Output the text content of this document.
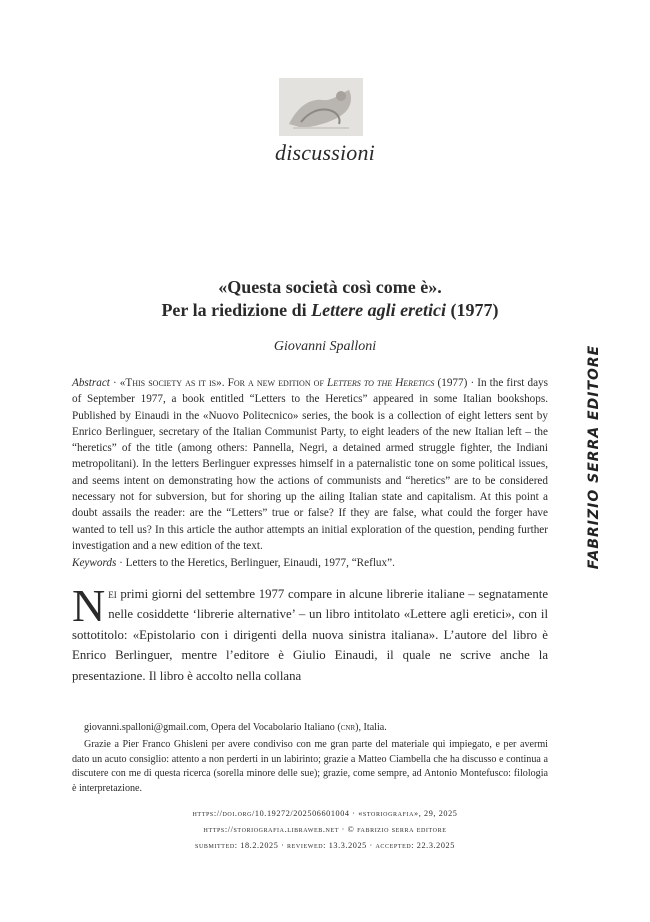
discussioni
«Questa società così come è».
Per la riedizione di Lettere agli eretici (1977)
Giovanni Spalloni

Abstract · «This society as it is». For a new edition of Letters to the Heretics (1977) · In the first days of September 1977, a book entitled “Letters to the Heretics” appeared in some Italian bookshops. Published by Einaudi in the «Nuovo Politecnico» series, the book is a collection of eight letters sent by Enrico Berlinguer, secretary of the Italian Communist Party, to eight leaders of the new Italian left – the “heretics” of the title (among others: Pannella, Negri, a detained armed struggle fighter, the Indiani metropolitani). In the letters Berlinguer expresses himself in a paternalistic tone on some political issues, and seems intent on demonstrating how the actions of communists and “heretics” are to be considered necessary not for subversion, but for shoring up the ailing Italian state and capitalism. At this point a doubt assails the reader: are the “Letters” true or false? If they are false, what could the forger have wanted to tell us? In this article the author attempts an initial exploration of the question, pending further investigation and a new edition of the text.

Keywords · Letters to the Heretics, Berlinguer, Einaudi, 1977, “Reflux”.

Nei primi giorni del settembre 1977 compare in alcune librerie italiane – segnatamente nelle cosiddette ‘librerie alternative’ – un libro intitolato «Lettere agli eretici», con il sottotitolo: «Epistolario con i dirigenti della nuova sinistra italiana». L’autore del libro è Enrico Berlinguer, mentre l’editore è Giulio Einaudi, il quale ne scrive anche la presentazione. Il libro è accolto nella collana

giovanni.spalloni@gmail.com, Opera del Vocabolario Italiano (cnr), Italia.

Grazie a Pier Franco Ghisleni per avere condiviso con me gran parte del materiale qui impiegato, e per avermi dato un acuto consiglio: attento a non perderti in un labirinto; grazie a Matteo Ciambella che ha discusso e continua a discutere con me di questa ricerca (sorella minore delle sue); grazie, come sempre, ad Antonio Montefusco: filologia è interpretazione.

https://doi.org/10.19272/202506601004 · «storiografia», 29, 2025
https://storiografia.libraweb.net · © fabrizio serra editore
submitted: 18.2.2025 · reviewed: 13.3.2025 · accepted: 22.3.2025
FABRIZIO SERRA EDITORE
